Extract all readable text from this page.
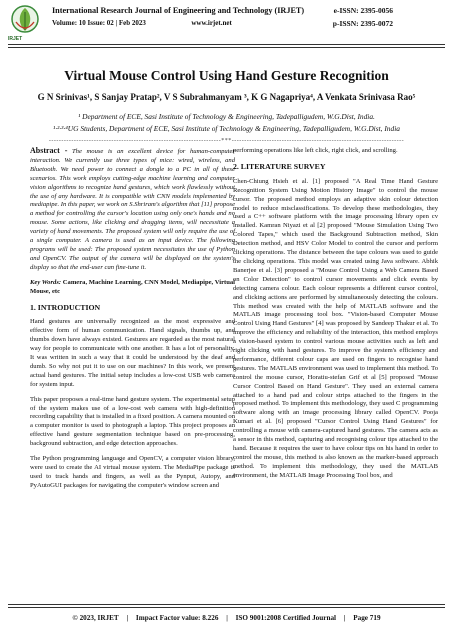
IRJET
International Research Journal of Engineering and Technology (IRJET)
Volume: 10 Issue: 02 | Feb 2023	www.irjet.net
e-ISSN: 2395-0056
p-ISSN: 2395-0072
Virtual Mouse Control Using Hand Gesture Recognition
G N Srinivas¹, S Sanjay Pratap², V S Subrahmanyam ³, K G Nagapriya⁴, A Venkata Srinivasa Rao⁵
¹ Department of ECE, Sasi Institute of Technology & Engineering, Tadepalligudem, W.G.Dist, India.
¹·²·³·⁴UG Students, Department of ECE, Sasi Institute of Technology & Engineering, Tadepalligudem, W.G.Dist, India
---------------------------------------------------------------------***---------------------------------------------------------------------

Abstract - The mouse is an excellent device for human-computer interaction. We currently use three types of mice: wired, wireless, and Bluetooth. We need power to connect a dongle to a PC in all of these scenarios. This work employs cutting-edge machine learning and computer vision algorithms to recognize hand gestures, which work flawlessly without the use of any hardware. It is compatible with CNN models implemented by mediapipe. In this paper, we work on S.Shriram's algorithm that [11] propose a method for controlling the cursor's location using only one's hands and no mouse. Some actions, like clicking and dragging items, will necessitate a variety of hand movements. The proposed system will only require the use of a single computer. A camera is used as an input device. The following programs will be used: The proposed system necessitates the use of Python and OpenCV. The output of the camera will be displayed on the system's display so that the end-user can fine-tune it.

Key Words: Camera, Machine Learning, CNN Model, Mediapipe, Virtual Mouse, etc

1. INTRODUCTION

Hand gestures are universally recognized as the most expressive and effective form of human communication. Hand signals, thumbs up, and thumbs down have always existed. Gestures are regarded as the most natural way for people to communicate with one another. It has a lot of personality. It was written in such a way that it could be understood by the deaf and dumb. So why not put it to use on our machines? In this work, we present actual hand gestures. The initial setup includes a low-cost USB web camera for system input.

This paper proposes a real-time hand gesture system. The experimental setup of the system makes use of a low-cost web camera with high-definition recording capability that is installed in a fixed position. A camera mounted on a computer monitor is used to photograph a laptop. This project proposes an effective hand gesture segmentation technique based on pre-processing, background subtraction, and edge detection approaches.

The Python programming language and OpenCV, a computer vision library, were used to create the AI virtual mouse system. The MediaPipe package is used to track hands and fingers, as well as the Pynput, Autopy, and PyAutoGUI packages for navigating the computer's window screen and

performing operations like left click, right click, and scrolling.

2. LITERATURE SURVEY

Chen-Chiung Hsieh et al. [1] proposed "A Real Time Hand Gesture Recognition System Using Motion History Image" to control the mouse cursor. The proposed method employs an adaptive skin colour detection model to reduce misclassifications. To develop these methodologies, they used a C++ software platform with the image processing library open cv installed. Kamran Niyazi et al [2] proposed "Mouse Simulation Using Two Colored Tapes," which used the Background Subtraction method, Skin Detection method, and HSV Color Model to control the cursor and perform clicking operations. The distance between the tape colours was used to guide the clicking operations. This model was created using Java software. Abhik Banerjee et al. [3] proposed a "Mouse Control Using a Web Camera Based on Color Detection" to control cursor movements and click events by detecting camera colour. Each colour represents a different cursor control, and clicking actions are performed by simultaneously detecting the colours. This method was created with the help of MATLAB software and the MATLAB image processing tool box. "Vision-based Computer Mouse Control Using Hand Gestures" [4] was proposed by Sandeep Thakur et al. To improve the efficiency and reliability of the interaction, this method employs a vision-based system to control various mouse activities such as left and right clicking with hand gestures. To improve the system's efficiency and performance, different colour caps are used on fingers to recognise hand gestures. The MATLAB environment was used to implement this method. To control the mouse cursor, Horatiu-stefan Grif et al [5] proposed "Mouse Cursor Control Based on Hand Gesture". They used an external camera attached to a hand pad and colour strips attached to the fingers in the proposed method. To implement this methodology, they used C programming software along with an image processing library called OpenCV. Pooja Kumari et al. [6] proposed "Cursor Control Using Hand Gestures" for controlling a mouse with camera-captured hand gestures. The camera acts as a sensor in this method, capturing and recognising colour tips attached to the hand. Because it requires the user to have colour tips on his hand in order to control the mouse, this method is also known as the marker-based approach method. To implement this methodology, they used the MATLAB environment, the MATLAB Image Processing Tool box, and

© 2023, IRJET | Impact Factor value: 8.226 | ISO 9001:2008 Certified Journal | Page 719
